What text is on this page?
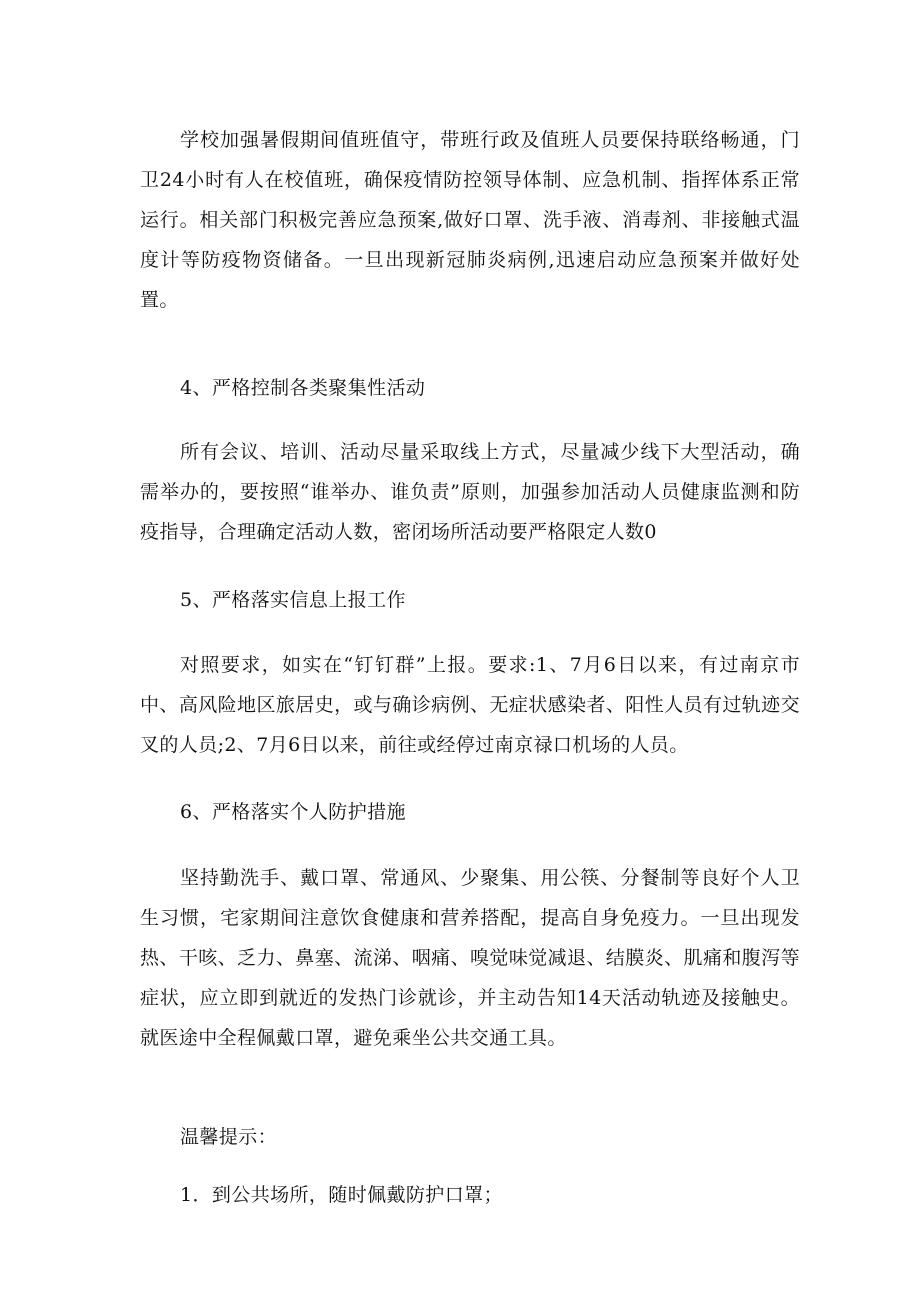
学校加强暑假期间值班值守，带班行政及值班人员要保持联络畅通，门卫24小时有人在校值班，确保疫情防控领导体制、应急机制、指挥体系正常运行。相关部门积极完善应急预案,做好口罩、洗手液、消毒剂、非接触式温度计等防疫物资储备。一旦出现新冠肺炎病例,迅速启动应急预案并做好处置。

4、严格控制各类聚集性活动

所有会议、培训、活动尽量采取线上方式，尽量减少线下大型活动，确需举办的，要按照“谁举办、谁负责”原则，加强参加活动人员健康监测和防疫指导，合理确定活动人数，密闭场所活动要严格限定人数0

5、严格落实信息上报工作

对照要求，如实在“钉钉群”上报。要求:1、7月6日以来，有过南京市中、高风险地区旅居史，或与确诊病例、无症状感染者、阳性人员有过轨迹交叉的人员;2、7月6日以来，前往或经停过南京禄口机场的人员。

6、严格落实个人防护措施

坚持勤洗手、戴口罩、常通风、少聚集、用公筷、分餐制等良好个人卫生习惯，宅家期间注意饮食健康和营养搭配，提高自身免疫力。一旦出现发热、干咳、乏力、鼻塞、流涕、咽痛、嗅觉味觉减退、结膜炎、肌痛和腹泻等症状，应立即到就近的发热门诊就诊，并主动告知14天活动轨迹及接触史。就医途中全程佩戴口罩，避免乘坐公共交通工具。

温馨提示：

1．到公共场所，随时佩戴防护口罩；
